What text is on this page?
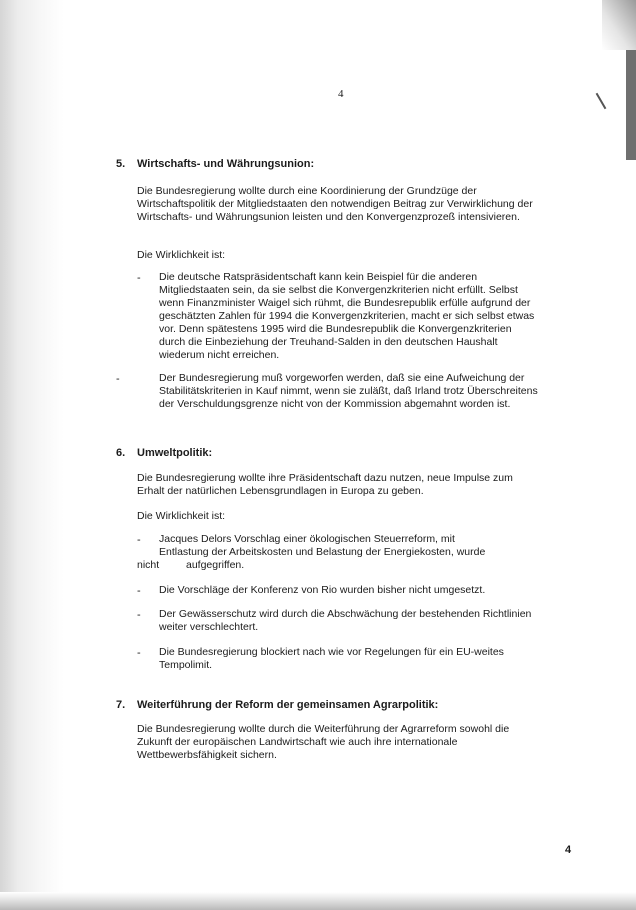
4
5. Wirtschafts- und Währungsunion:

Die Bundesregierung wollte durch eine Koordinierung der Grundzüge der Wirtschaftspolitik der Mitgliedstaaten den notwendigen Beitrag zur Verwirklichung der Wirtschafts- und Währungsunion leisten und den Konvergenzprozeß intensivieren.

Die Wirklichkeit ist:

- Die deutsche Ratspräsidentschaft kann kein Beispiel für die anderen Mitgliedstaaten sein, da sie selbst die Konvergenzkriterien nicht erfüllt. Selbst wenn Finanzminister Waigel sich rühmt, die Bundesrepublik erfülle aufgrund der geschätzten Zahlen für 1994 die Konvergenzkriterien, macht er sich selbst etwas vor. Denn spätestens 1995 wird die Bundesrepublik die Konvergenzkriterien durch die Einbeziehung der Treuhand-Salden in den deutschen Haushalt wiederum nicht erreichen.

-	Der Bundesregierung muß vorgeworfen werden, daß sie eine Aufweichung der Stabilitätskriterien in Kauf nimmt, wenn sie zuläßt, daß Irland trotz Überschreitens der Verschuldungsgrenze nicht von der Kommission abgemahnt worden ist.

6. Umweltpolitik:

Die Bundesregierung wollte ihre Präsidentschaft dazu nutzen, neue Impulse zum Erhalt der natürlichen Lebensgrundlagen in Europa zu geben.

Die Wirklichkeit ist:

- Jacques Delors Vorschlag einer ökologischen Steuerreform, mit

Entlastung der Arbeitskosten und Belastung der Energiekosten, wurde

nicht	aufgegriffen.

- Die Vorschläge der Konferenz von Rio wurden bisher nicht umgesetzt.

- Der Gewässerschutz wird durch die Abschwächung der bestehenden Richtlinien weiter verschlechtert.

- Die Bundesregierung blockiert nach wie vor Regelungen für ein EU-weites Tempolimit.

7. Weiterführung der Reform der gemeinsamen Agrarpolitik:

Die Bundesregierung wollte durch die Weiterführung der Agrarreform sowohl die Zukunft der europäischen Landwirtschaft wie auch ihre internationale Wettbewerbsfähigkeit sichern.

4
